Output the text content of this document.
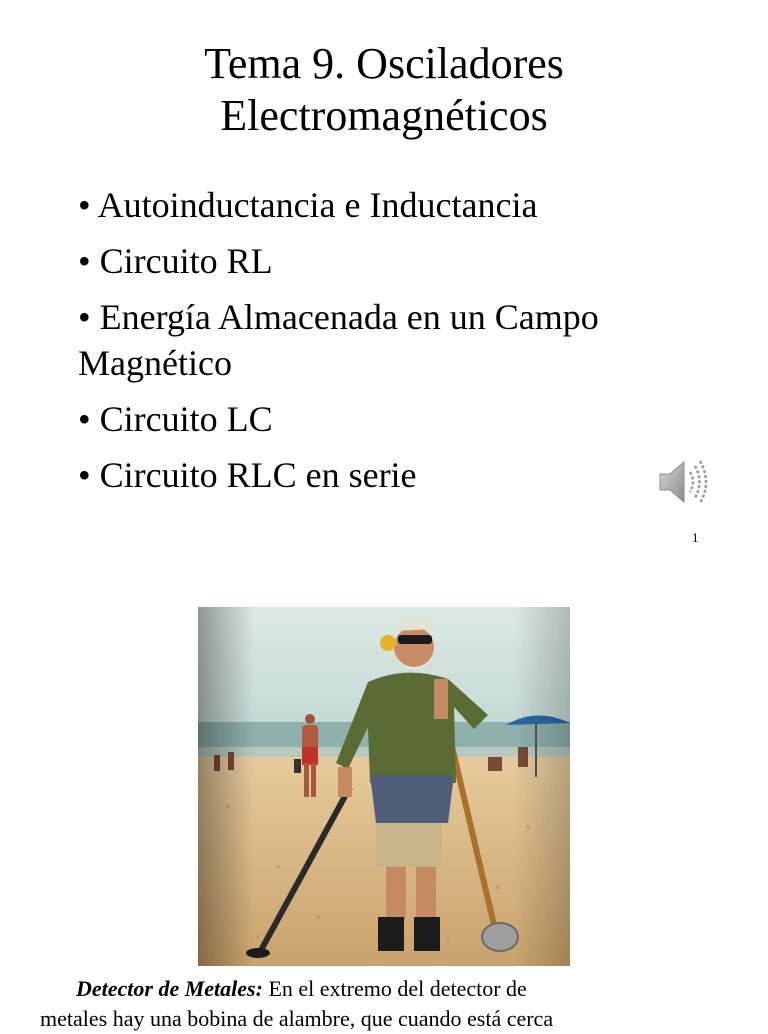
Tema 9. Osciladores
Electromagnéticos
• Autoinductancia e Inductancia
• Circuito RL
• Energía Almacenada en un Campo Magnético
• Circuito LC
• Circuito RLC en serie
1
Detector de Metales: En el extremo del detector de
metales hay una bobina de alambre, que cuando está cerca
